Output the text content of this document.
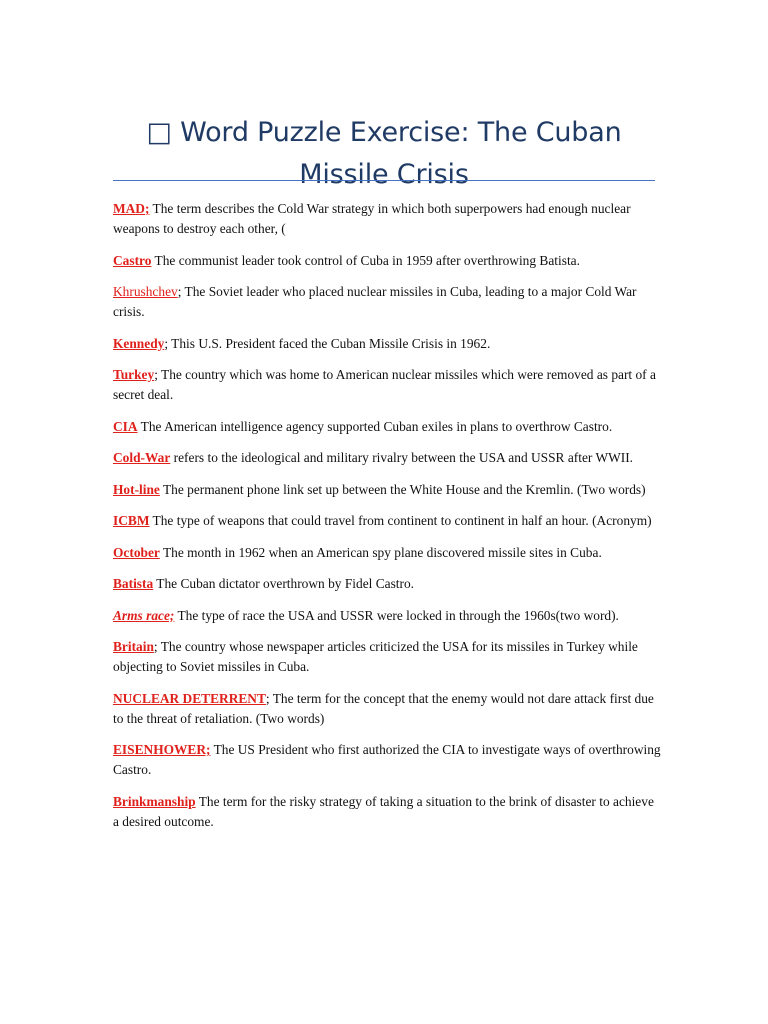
□ Word Puzzle Exercise: The Cuban Missile Crisis

MAD; The term describes the Cold War strategy in which both superpowers had enough nuclear weapons to destroy each other, (

Castro The communist leader took control of Cuba in 1959 after overthrowing Batista.

Khrushchev; The Soviet leader who placed nuclear missiles in Cuba, leading to a major Cold War crisis.

Kennedy; This U.S. President faced the Cuban Missile Crisis in 1962.

Turkey; The country which was home to American nuclear missiles which were removed as part of a secret deal.

CIA The American intelligence agency supported Cuban exiles in plans to overthrow Castro.

Cold-War refers to the ideological and military rivalry between the USA and USSR after WWII.

Hot-line The permanent phone link set up between the White House and the Kremlin. (Two words)

ICBM The type of weapons that could travel from continent to continent in half an hour. (Acronym)

October The month in 1962 when an American spy plane discovered missile sites in Cuba.

Batista The Cuban dictator overthrown by Fidel Castro.

Arms race; The type of race the USA and USSR were locked in through the 1960s(two word).

Britain; The country whose newspaper articles criticized the USA for its missiles in Turkey while objecting to Soviet missiles in Cuba.

NUCLEAR DETERRENT; The term for the concept that the enemy would not dare attack first due to the threat of retaliation. (Two words)

EISENHOWER; The US President who first authorized the CIA to investigate ways of overthrowing Castro.

Brinkmanship The term for the risky strategy of taking a situation to the brink of disaster to achieve a desired outcome.
